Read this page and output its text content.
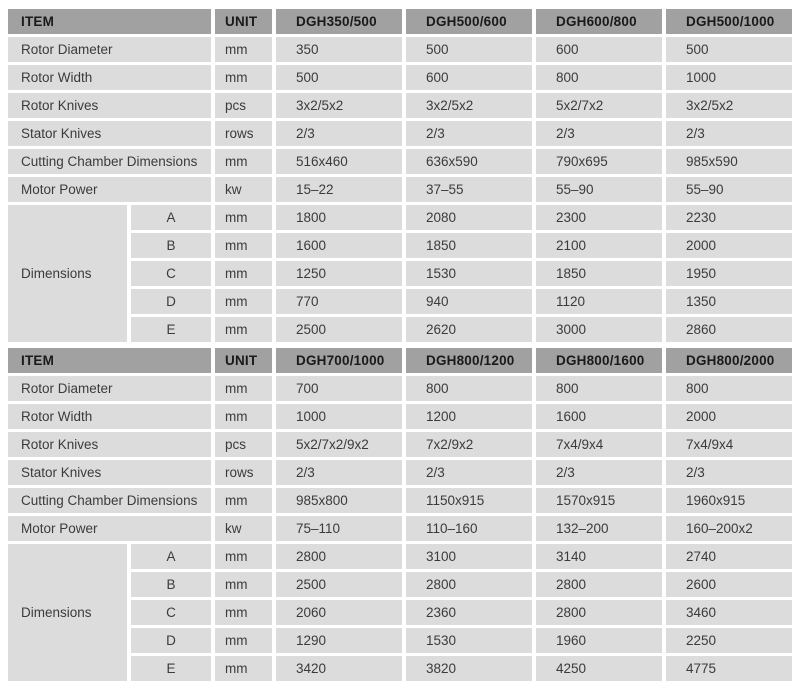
ITEM		UNIT	DGH350/500	DGH500/600	DGH600/800	DGH500/1000
Rotor Diameter		mm	350	500	600	500
Rotor Width		mm	500	600	800	1000
Rotor Knives		pcs	3x2/5x2	3x2/5x2	5x2/7x2	3x2/5x2
Stator Knives		rows	2/3	2/3	2/3	2/3
Cutting Chamber Dimensions		mm	516x460	636x590	790x695	985x590
Motor Power		kw	15–22	37–55	55–90	55–90
Dimensions	A	mm	1800	2080	2300	2230
	B	mm	1600	1850	2100	2000
	C	mm	1250	1530	1850	1950
	D	mm	770	940	1120	1350
	E	mm	2500	2620	3000	2860
ITEM		UNIT	DGH700/1000	DGH800/1200	DGH800/1600	DGH800/2000
Rotor Diameter		mm	700	800	800	800
Rotor Width		mm	1000	1200	1600	2000
Rotor Knives		pcs	5x2/7x2/9x2	7x2/9x2	7x4/9x4	7x4/9x4
Stator Knives		rows	2/3	2/3	2/3	2/3
Cutting Chamber Dimensions		mm	985x800	1150x915	1570x915	1960x915
Motor Power		kw	75–110	110–160	132–200	160–200x2
Dimensions	A	mm	2800	3100	3140	2740
	B	mm	2500	2800	2800	2600
	C	mm	2060	2360	2800	3460
	D	mm	1290	1530	1960	2250
	E	mm	3420	3820	4250	4775
